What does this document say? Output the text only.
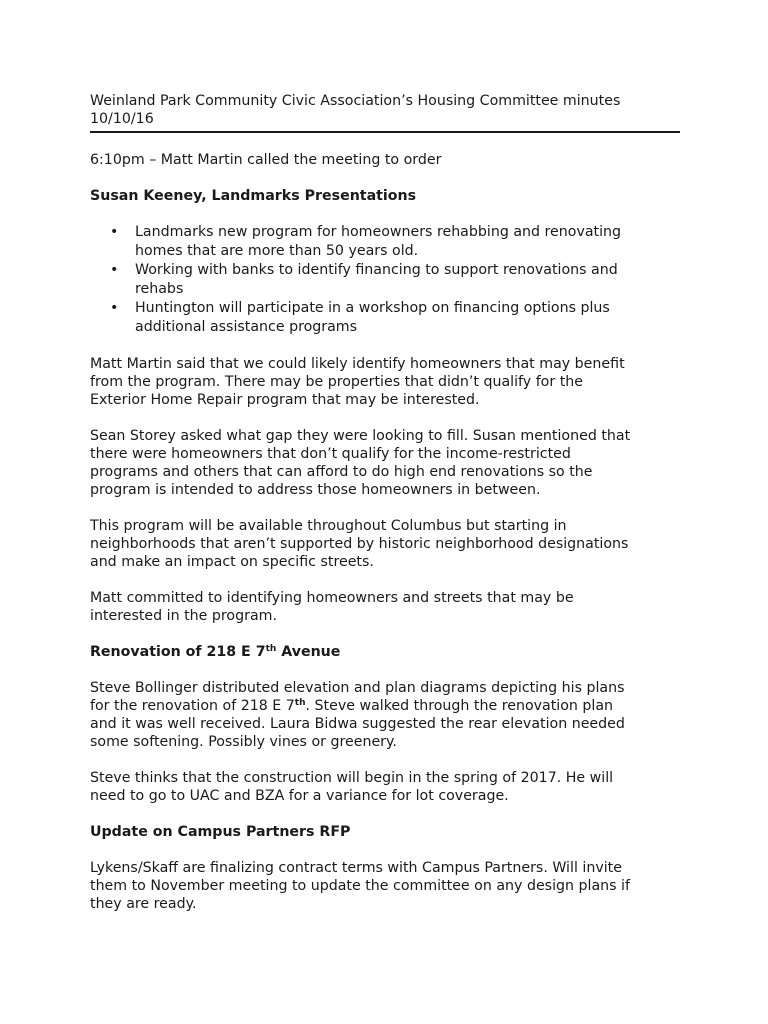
Weinland Park Community Civic Association’s Housing Committee minutes
10/10/16

6:10pm – Matt Martin called the meeting to order

Susan Keeney, Landmarks Presentations
• Landmarks new program for homeowners rehabbing and renovating
homes that are more than 50 years old.
• Working with banks to identify financing to support renovations and
rehabs
• Huntington will participate in a workshop on financing options plus
additional assistance programs

Matt Martin said that we could likely identify homeowners that may benefit
from the program. There may be properties that didn’t qualify for the
Exterior Home Repair program that may be interested.

Sean Storey asked what gap they were looking to fill. Susan mentioned that
there were homeowners that don’t qualify for the income-restricted
programs and others that can afford to do high end renovations so the
program is intended to address those homeowners in between.

This program will be available throughout Columbus but starting in
neighborhoods that aren’t supported by historic neighborhood designations
and make an impact on specific streets.

Matt committed to identifying homeowners and streets that may be
interested in the program.

Renovation of 218 E 7th Avenue

Steve Bollinger distributed elevation and plan diagrams depicting his plans
for the renovation of 218 E 7th. Steve walked through the renovation plan
and it was well received. Laura Bidwa suggested the rear elevation needed
some softening. Possibly vines or greenery.

Steve thinks that the construction will begin in the spring of 2017. He will
need to go to UAC and BZA for a variance for lot coverage.

Update on Campus Partners RFP

Lykens/Skaff are finalizing contract terms with Campus Partners. Will invite
them to November meeting to update the committee on any design plans if
they are ready.
